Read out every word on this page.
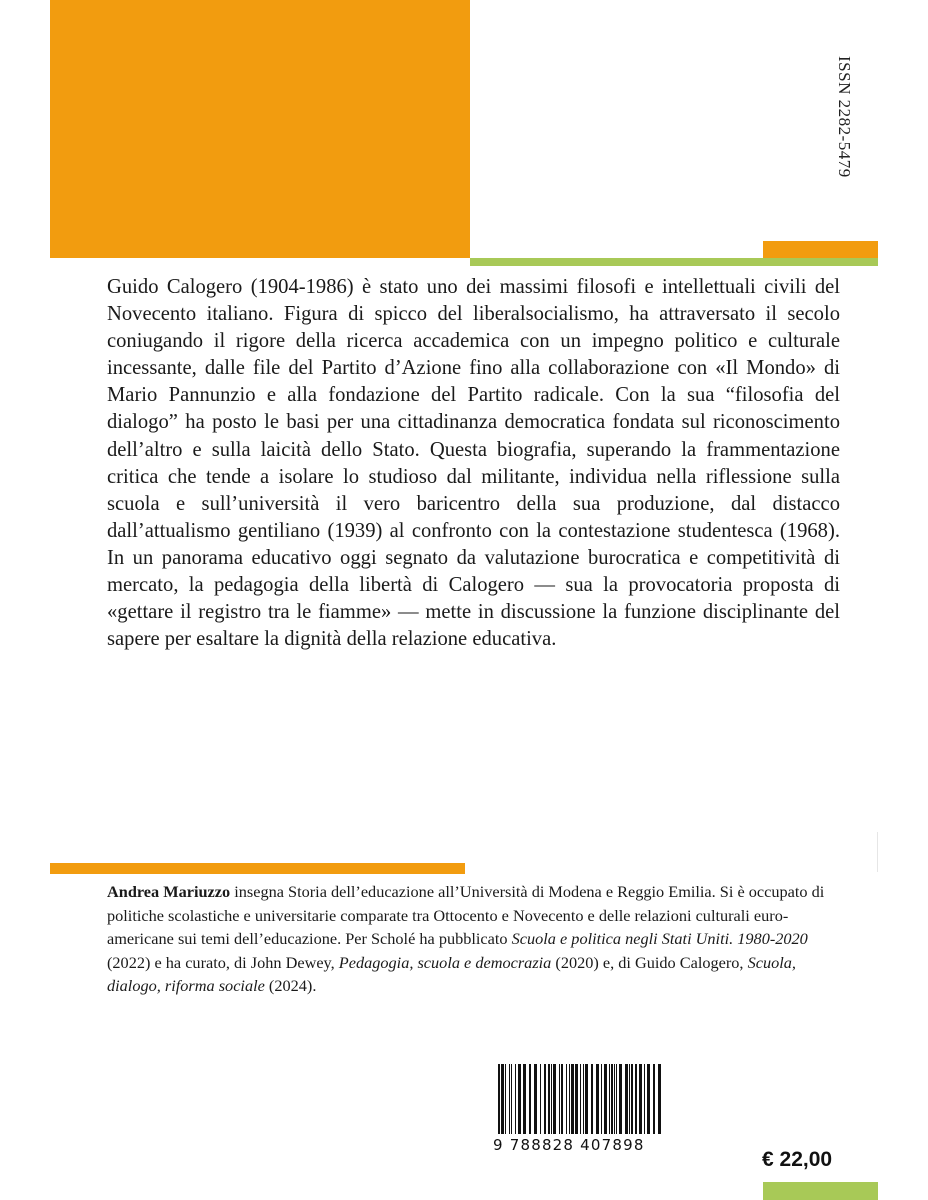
ISSN 2282-5479

Guido Calogero (1904-1986) è stato uno dei massimi filosofi e intellettuali civili del Novecento italiano. Figura di spicco del liberalsocialismo, ha attraversato il secolo coniugando il rigore della ricerca accademica con un impegno politico e culturale incessante, dalle file del Partito d’Azione fino alla collaborazione con «Il Mondo» di Mario Pannunzio e alla fondazione del Partito radicale. Con la sua “filosofia del dialogo” ha posto le basi per una cittadinanza democratica fondata sul riconoscimento dell’altro e sulla laicità dello Stato. Questa biografia, superando la frammentazione critica che tende a isolare lo studioso dal militante, individua nella riflessione sulla scuola e sull’università il vero baricentro della sua produzione, dal distacco dall’attualismo gentiliano (1939) al confronto con la contestazione studentesca (1968). In un panorama educativo oggi segnato da valutazione burocratica e competitività di mercato, la pedagogia della libertà di Calogero — sua la provocatoria proposta di «gettare il registro tra le fiamme» — mette in discussione la funzione disciplinante del sapere per esaltare la dignità della relazione educativa.

Andrea Mariuzzo insegna Storia dell’educazione all’Università di Modena e Reggio Emilia. Si è occupato di politiche scolastiche e universitarie comparate tra Ottocento e Novecento e delle relazioni culturali euro-americane sui temi dell’educazione. Per Scholé ha pubblicato Scuola e politica negli Stati Uniti. 1980-2020 (2022) e ha curato, di John Dewey, Pedagogia, scuola e democrazia (2020) e, di Guido Calogero, Scuola, dialogo, riforma sociale (2024).

9 788828 407898
€ 22,00
